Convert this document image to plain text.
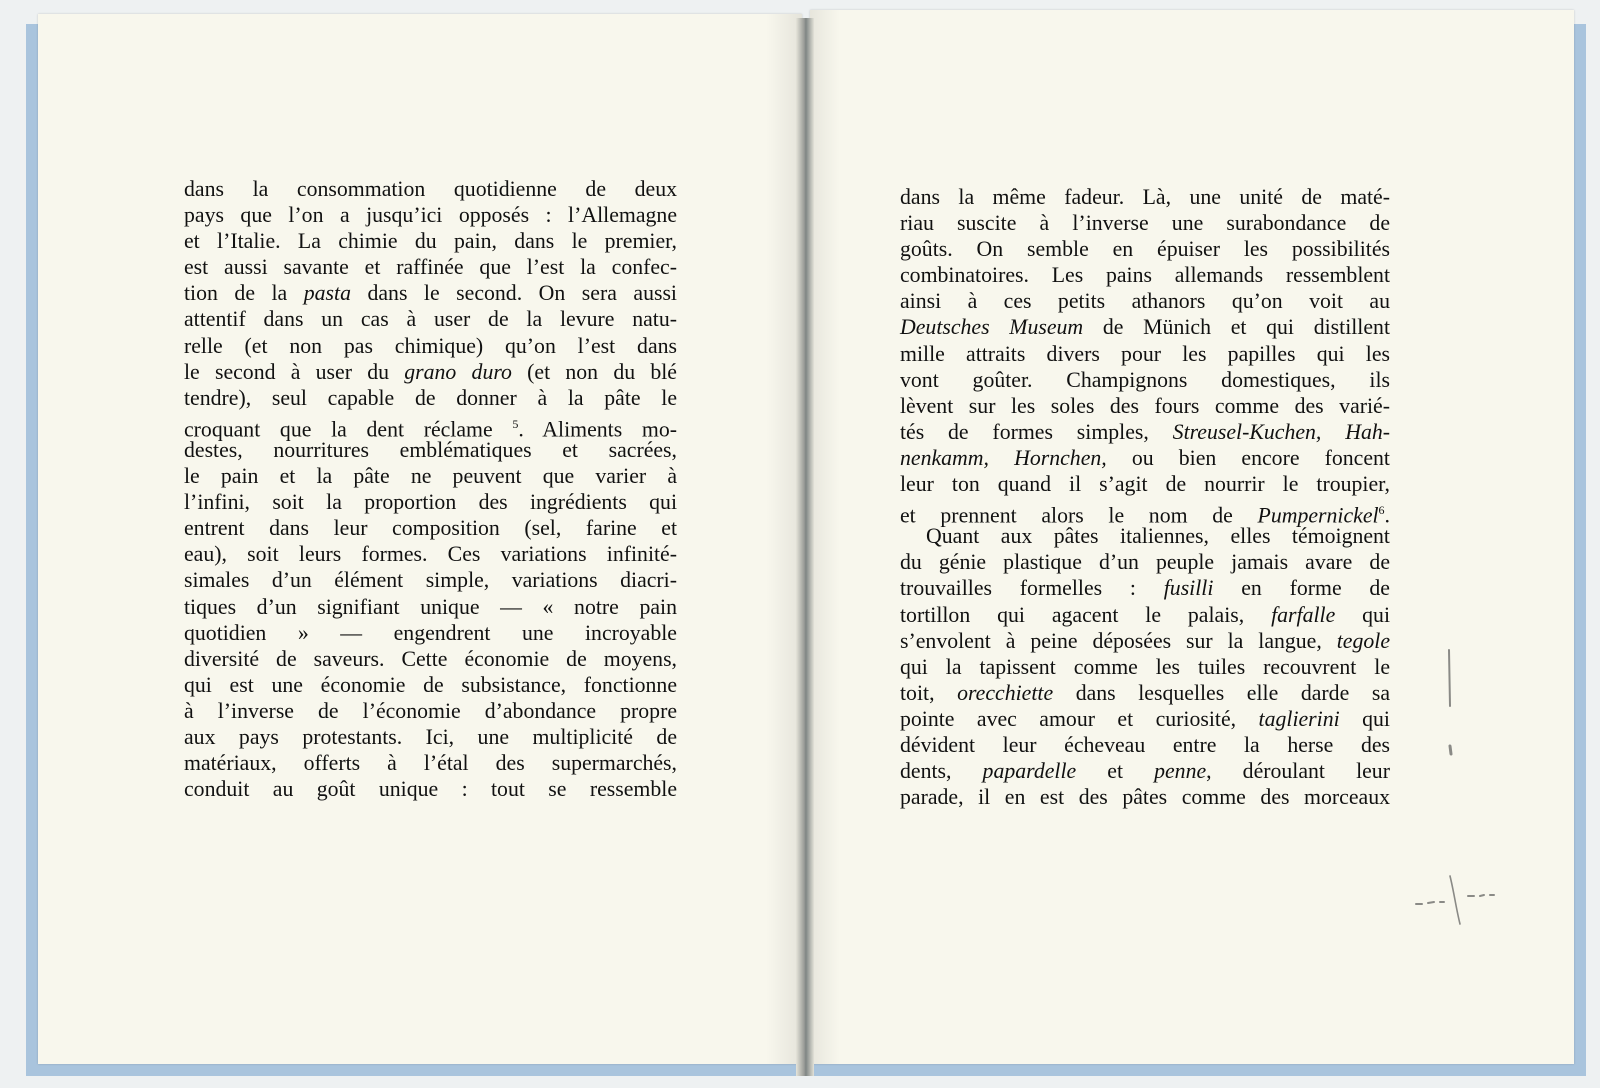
dans la consommation quotidienne de deux
pays que l’on a jusqu’ici opposés : l’Allemagne
et l’Italie. La chimie du pain, dans le premier,
est aussi savante et raffinée que l’est la confec-
tion de la pasta dans le second. On sera aussi
attentif dans un cas à user de la levure natu-
relle (et non pas chimique) qu’on l’est dans
le second à user du grano duro (et non du blé
tendre), seul capable de donner à la pâte le
croquant que la dent réclame $^5$. Aliments mo-
destes, nourritures emblématiques et sacrées,
le pain et la pâte ne peuvent que varier à
l’infini, soit la proportion des ingrédients qui
entrent dans leur composition (sel, farine et
eau), soit leurs formes. Ces variations infinité-
simales d’un élément simple, variations diacri-
tiques d’un signifiant unique — « notre pain
quotidien » — engendrent une incroyable
diversité de saveurs. Cette économie de moyens,
qui est une économie de subsistance, fonctionne
à l’inverse de l’économie d’abondance propre
aux pays protestants. Ici, une multiplicité de
matériaux, offerts à l’étal des supermarchés,
conduit au goût unique : tout se ressemble
dans la même fadeur. Là, une unité de maté-
riau suscite à l’inverse une surabondance de
goûts. On semble en épuiser les possibilités
combinatoires. Les pains allemands ressemblent
ainsi à ces petits athanors qu’on voit au
Deutsches Museum de Münich et qui distillent
mille attraits divers pour les papilles qui les
vont goûter. Champignons domestiques, ils
lèvent sur les soles des fours comme des varié-
tés de formes simples, Streusel-Kuchen, Hah-
nenkamm, Hornchen, ou bien encore foncent
leur ton quand il s’agit de nourrir le troupier,
et prennent alors le nom de Pumpernickel$^6$.
Quant aux pâtes italiennes, elles témoignent
du génie plastique d’un peuple jamais avare de
trouvailles formelles : fusilli en forme de
tortillon qui agacent le palais, farfalle qui
s’envolent à peine déposées sur la langue, tegole
qui la tapissent comme les tuiles recouvrent le
toit, orecchiette dans lesquelles elle darde sa
pointe avec amour et curiosité, taglierini qui
dévident leur écheveau entre la herse des
dents, papardelle et penne, déroulant leur
parade, il en est des pâtes comme des morceaux
